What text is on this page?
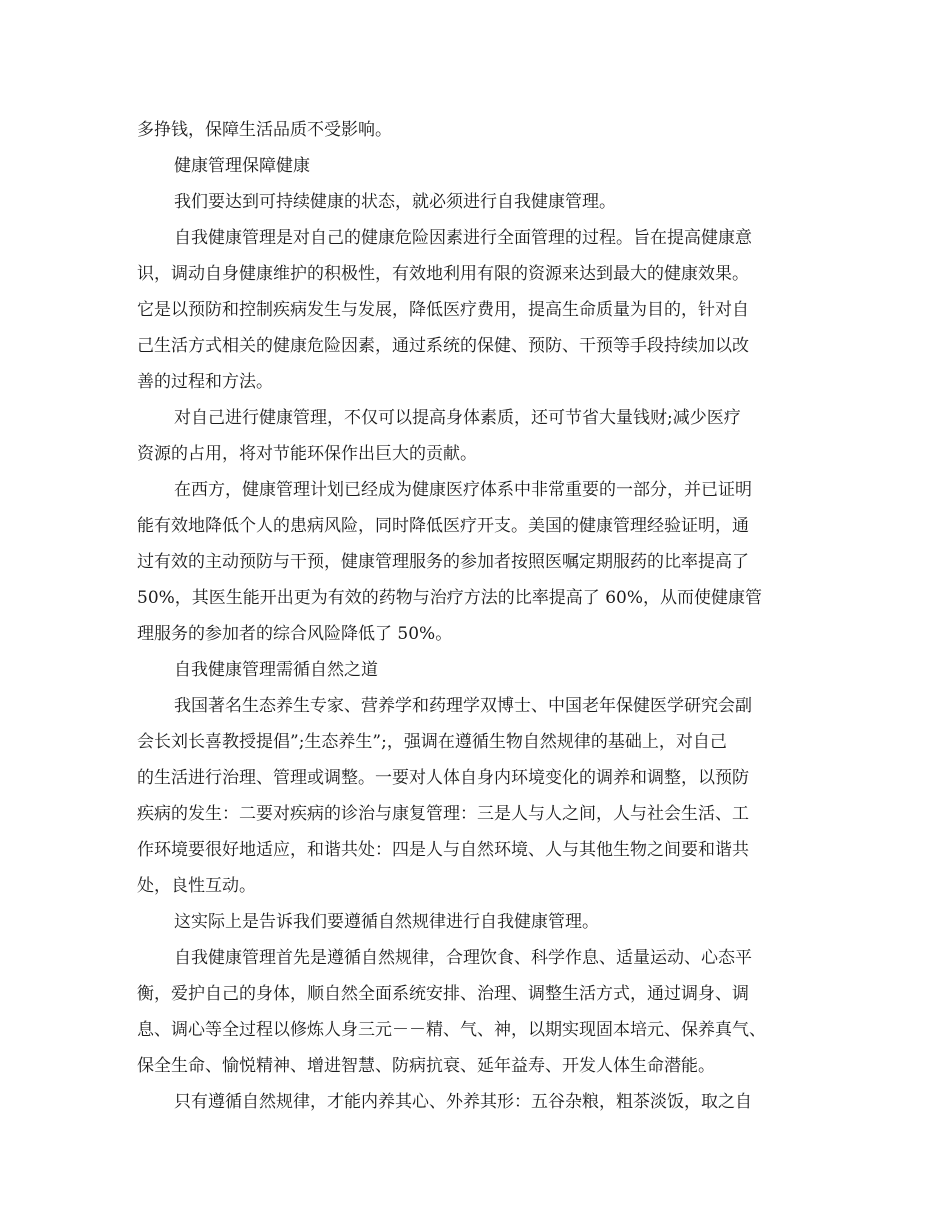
多挣钱，保障生活品质不受影响。
健康管理保障健康
我们要达到可持续健康的状态，就必须进行自我健康管理。
自我健康管理是对自己的健康危险因素进行全面管理的过程。旨在提高健康意
识，调动自身健康维护的积极性，有效地利用有限的资源来达到最大的健康效果。
它是以预防和控制疾病发生与发展，降低医疗费用，提高生命质量为目的，针对自
己生活方式相关的健康危险因素，通过系统的保健、预防、干预等手段持续加以改
善的过程和方法。
对自己进行健康管理，不仅可以提高身体素质，还可节省大量钱财;减少医疗
资源的占用，将对节能环保作出巨大的贡献。
在西方，健康管理计划已经成为健康医疗体系中非常重要的一部分，并已证明
能有效地降低个人的患病风险，同时降低医疗开支。美国的健康管理经验证明，通
过有效的主动预防与干预，健康管理服务的参加者按照医嘱定期服药的比率提高了
50%，其医生能开出更为有效的药物与治疗方法的比率提高了 60%，从而使健康管
理服务的参加者的综合风险降低了 50%。
自我健康管理需循自然之道
我国著名生态养生专家、营养学和药理学双博士、中国老年保健医学研究会副
会长刘长喜教授提倡”;生态养生”;，强调在遵循生物自然规律的基础上，对自己
的生活进行治理、管理或调整。一要对人体自身内环境变化的调养和调整，以预防
疾病的发生：二要对疾病的诊治与康复管理：三是人与人之间，人与社会生活、工
作环境要很好地适应，和谐共处：四是人与自然环境、人与其他生物之间要和谐共
处，良性互动。
这实际上是告诉我们要遵循自然规律进行自我健康管理。
自我健康管理首先是遵循自然规律，合理饮食、科学作息、适量运动、心态平
衡，爱护自己的身体，顺自然全面系统安排、治理、调整生活方式，通过调身、调
息、调心等全过程以修炼人身三元－－精、气、神，以期实现固本培元、保养真气、
保全生命、愉悦精神、增进智慧、防病抗衰、延年益寿、开发人体生命潜能。
只有遵循自然规律，才能内养其心、外养其形：五谷杂粮，粗茶淡饭，取之自
